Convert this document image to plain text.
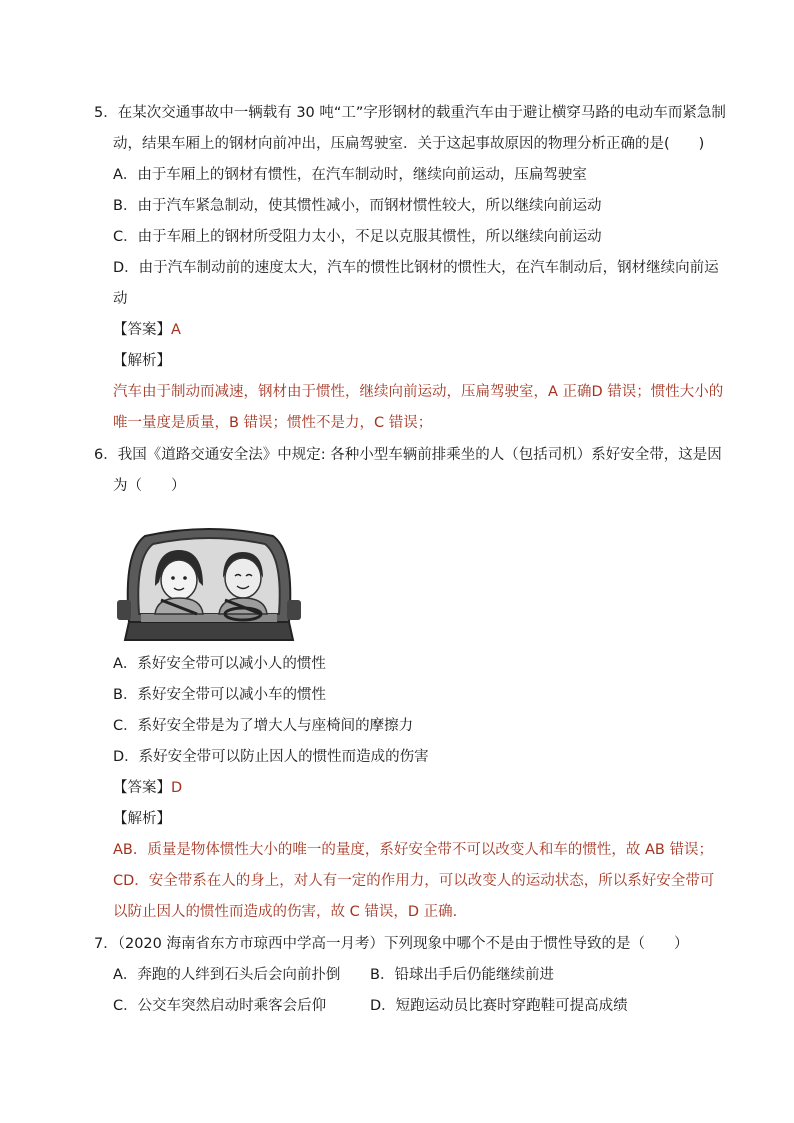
5．在某次交通事故中一辆载有 30 吨“工”字形钢材的载重汽车由于避让横穿马路的电动车而紧急制
动，结果车厢上的钢材向前冲出，压扁驾驶室．关于这起事故原因的物理分析正确的是(　　)
A．由于车厢上的钢材有惯性，在汽车制动时，继续向前运动，压扁驾驶室
B．由于汽车紧急制动，使其惯性减小，而钢材惯性较大，所以继续向前运动
C．由于车厢上的钢材所受阻力太小，不足以克服其惯性，所以继续向前运动
D．由于汽车制动前的速度太大，汽车的惯性比钢材的惯性大，在汽车制动后，钢材继续向前运
动
【答案】A
【解析】
汽车由于制动而减速，钢材由于惯性，继续向前运动，压扁驾驶室，A 正确D 错误；惯性大小的
唯一量度是质量，B 错误；惯性不是力，C 错误；
6．我国《道路交通安全法》中规定: 各种小型车辆前排乘坐的人（包括司机）系好安全带，这是因
为（　　）
A．系好安全带可以减小人的惯性
B．系好安全带可以减小车的惯性
C．系好安全带是为了增大人与座椅间的摩擦力
D．系好安全带可以防止因人的惯性而造成的伤害
【答案】D
【解析】
AB．质量是物体惯性大小的唯一的量度，系好安全带不可以改变人和车的惯性，故 AB 错误；
CD．安全带系在人的身上，对人有一定的作用力，可以改变人的运动状态，所以系好安全带可
以防止因人的惯性而造成的伤害，故 C 错误，D 正确.
7．（2020 海南省东方市琼西中学高一月考）下列现象中哪个不是由于惯性导致的是（　　）
A．奔跑的人绊到石头后会向前扑倒 B．铅球出手后仍能继续前进
C．公交车突然启动时乘客会后仰	D．短跑运动员比赛时穿跑鞋可提高成绩
